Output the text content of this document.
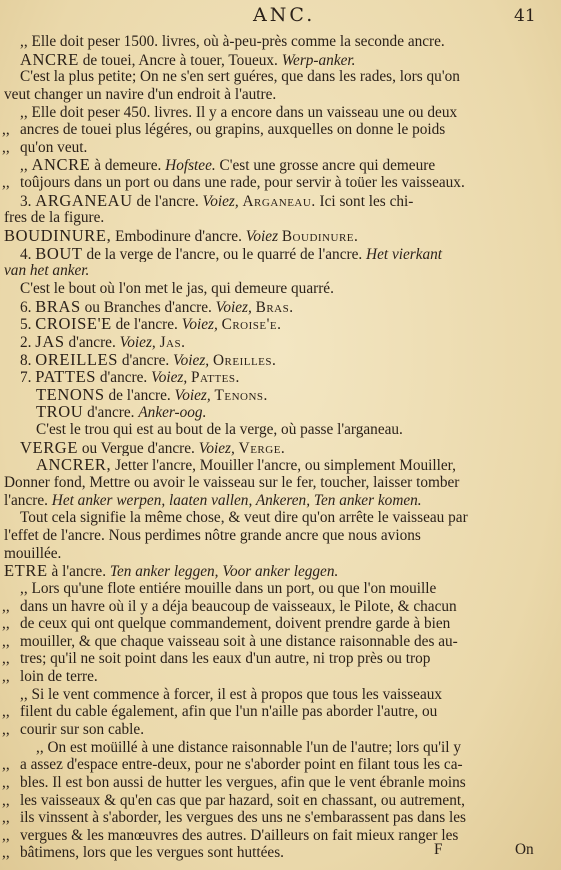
ANC.	41
,, Elle doit peser 1500. livres, où à-peu-près comme la seconde ancre.
ANCRE de touei, Ancre à touer, Toueux. Werp-anker.
C'est la plus petite; On ne s'en sert guéres, que dans les rades, lors qu'on
veut changer un navire d'un endroit à l'autre.
,, Elle doit peser 450. livres. Il y a encore dans un vaisseau une ou deux
,, ancres de touei plus légéres, ou grapins, auxquelles on donne le poids
,, qu'on veut.
,, ANCRE à demeure. Hofstee. C'est une grosse ancre qui demeure
,, toûjours dans un port ou dans une rade, pour servir à toüer les vaisseaux.
3. ARGANEAU de l'ancre. Voiez, Arganeau. Ici sont les chi-
fres de la figure.
BOUDINURE, Embodinure d'ancre. Voiez Boudinure.
4. BOUT de la verge de l'ancre, ou le quarré de l'ancre. Het vierkant
van het anker.
C'est le bout où l'on met le jas, qui demeure quarré.
6. BRAS ou Branches d'ancre. Voiez, Bras.
5. CROISE'E de l'ancre. Voiez, Croise'e.
2. JAS d'ancre. Voiez, Jas.
8. OREILLES d'ancre. Voiez, Oreilles.
7. PATTES d'ancre. Voiez, Pattes.
TENONS de l'ancre. Voiez, Tenons.
TROU d'ancre. Anker-oog.
C'est le trou qui est au bout de la verge, où passe l'arganeau.
VERGE ou Vergue d'ancre. Voiez, Verge.
ANCRER, Jetter l'ancre, Mouiller l'ancre, ou simplement Mouiller,
Donner fond, Mettre ou avoir le vaisseau sur le fer, toucher, laisser tomber
l'ancre. Het anker werpen, laaten vallen, Ankeren, Ten anker komen.
Tout cela signifie la même chose, & veut dire qu'on arrête le vaisseau par
l'effet de l'ancre. Nous perdimes nôtre grande ancre que nous avions
mouillée.
ETRE à l'ancre. Ten anker leggen, Voor anker leggen.
,, Lors qu'une flote entiére mouille dans un port, ou que l'on mouille
,, dans un havre où il y a déja beaucoup de vaisseaux, le Pilote, & chacun
,, de ceux qui ont quelque commandement, doivent prendre garde à bien
,, mouiller, & que chaque vaisseau soit à une distance raisonnable des au-
,, tres; qu'il ne soit point dans les eaux d'un autre, ni trop près ou trop
,, loin de terre.
,, Si le vent commence à forcer, il est à propos que tous les vaisseaux
,, filent du cable également, afin que l'un n'aille pas aborder l'autre, ou
,, courir sur son cable.
,, On est moüillé à une distance raisonnable l'un de l'autre; lors qu'il y
,, a assez d'espace entre-deux, pour ne s'aborder point en filant tous les ca-
,, bles. Il est bon aussi de hutter les vergues, afin que le vent ébranle moins
,, les vaisseaux & qu'en cas que par hazard, soit en chassant, ou autrement,
,, ils vinssent à s'aborder, les vergues des uns ne s'embarassent pas dans les
,, vergues & les manœuvres des autres. D'ailleurs on fait mieux ranger les
,, bâtimens, lors que les vergues sont huttées.	F	On
